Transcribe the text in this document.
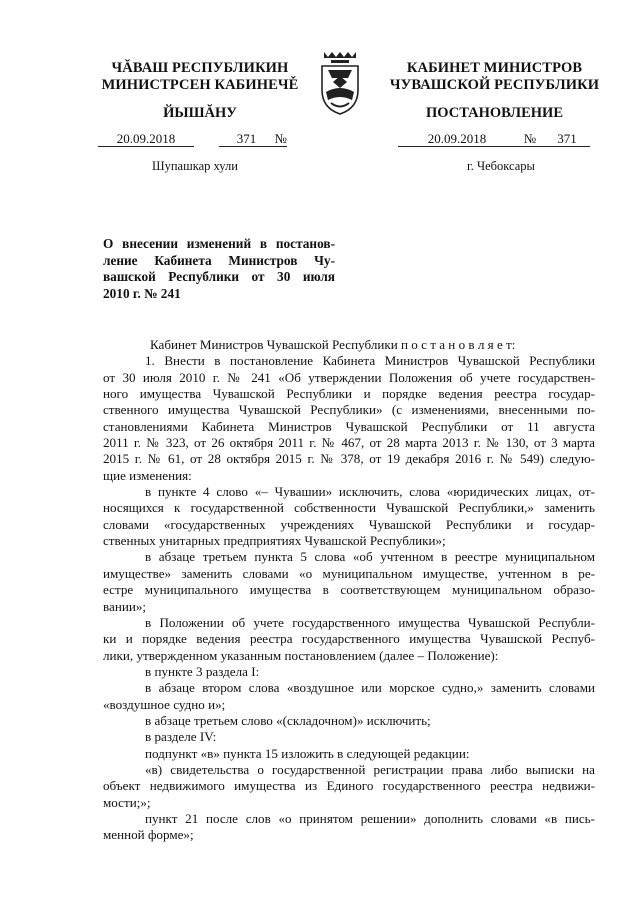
ЧĂВАШ РЕСПУБЛИКИН
МИНИСТРСЕН КАБИНЕЧĚ
ЙЫШĂНУ
КАБИНЕТ МИНИСТРОВ
ЧУВАШСКОЙ РЕСПУБЛИКИ
ПОСТАНОВЛЕНИЕ
20.09.2018	371 №	20.09.2018	№ 371
Шупашкар хули	г. Чебоксары
О внесении изменений в постанов-
ление Кабинета Министров Чу-
вашской Республики от 30 июля
2010 г. № 241
Кабинет Министров Чувашской Республики п о с т а н о в л я е т:
1. Внести в постановление Кабинета Министров Чувашской Республики
от 30 июля 2010 г. № 241 «Об утверждении Положения об учете государствен-
ного имущества Чувашской Республики и порядке ведения реестра государ-
ственного имущества Чувашской Республики» (с изменениями, внесенными по-
становлениями Кабинета Министров Чувашской Республики от 11 августа
2011 г. № 323, от 26 октября 2011 г. № 467, от 28 марта 2013 г. № 130, от 3 марта
2015 г. № 61, от 28 октября 2015 г. № 378, от 19 декабря 2016 г. № 549) следую-
щие изменения:
в пункте 4 слово «– Чувашии» исключить, слова «юридических лицах, от-
носящихся к государственной собственности Чувашской Республики,» заменить
словами «государственных учреждениях Чувашской Республики и государ-
ственных унитарных предприятиях Чувашской Республики»;
в абзаце третьем пункта 5 слова «об учтенном в реестре муниципальном
имуществе» заменить словами «о муниципальном имуществе, учтенном в ре-
естре муниципального имущества в соответствующем муниципальном образо-
вании»;
в Положении об учете государственного имущества Чувашской Республи-
ки и порядке ведения реестра государственного имущества Чувашской Респуб-
лики, утвержденном указанным постановлением (далее – Положение):
в пункте 3 раздела I:
в абзаце втором слова «воздушное или морское судно,» заменить словами
«воздушное судно и»;
в абзаце третьем слово «(складочном)» исключить;
в разделе IV:
подпункт «в» пункта 15 изложить в следующей редакции:
«в) свидетельства о государственной регистрации права либо выписки на
объект недвижимого имущества из Единого государственного реестра недвижи-
мости;»;
пункт 21 после слов «о принятом решении» дополнить словами «в пись-
менной форме»;
